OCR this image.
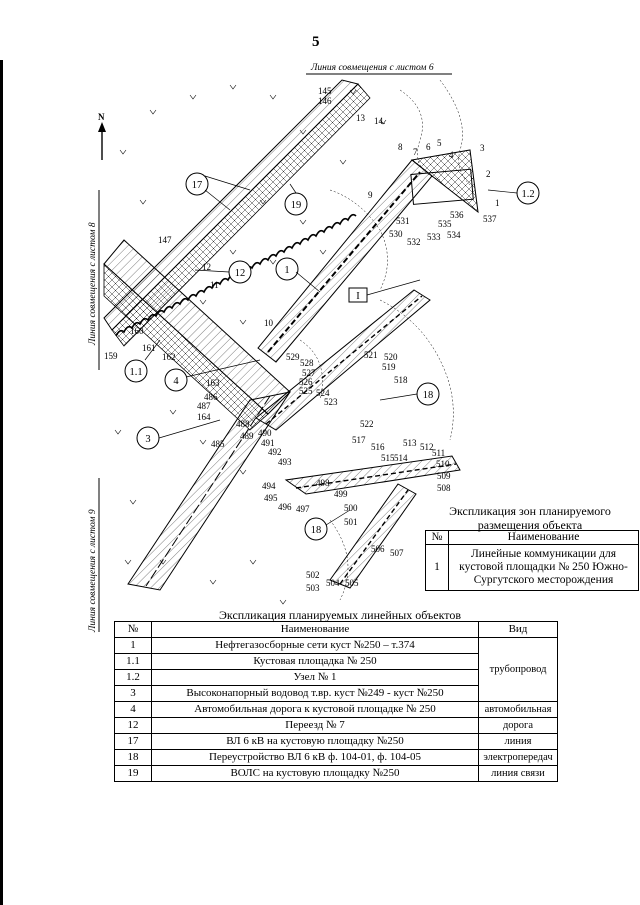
5
Линия совмещения с листом 6
Линия совмещения с листом 8
Линия совмещения с листом 9
N
17
19
1
12
1.2
4
3
1.1
18
18
I
145
146
13 14.
8 7 6 5
4
3
2
1
9
531
530
532 533 534
535
536 537
147
12
11
10
529
528
527
526
525 524
523
521 520
519
518
160
161
162
159
163
486
487
164
488
489 490
491
492
485
493
494
495
496 497
498
499
500
501
522
517
516
515 514
513 512
511
510
509
508
506 507
502
503 504 505
Экспликация зон планируемого
размещения объекта
№	Наименование
1	Линейные коммуникации для кустовой площадки № 250 Южно-Сургутского месторождения
Экспликация планируемых линейных объектов
№	Наименование	Вид
1	Нефтегазосборные сети куст №250 – т.374	трубопровод
1.1	Кустовая площадка № 250	
1.2	Узел № 1	
3	Высоконапорный водовод т.вр. куст №249 - куст №250	
4	Автомобильная дорога к кустовой площадке № 250	автомобильная
12	Переезд № 7	дорога
17	ВЛ 6 кВ на кустовую площадку №250	линия
18	Переустройство ВЛ 6 кВ ф. 104-01, ф. 104-05	электропередач
19	ВОЛС на кустовую площадку №250	линия связи
